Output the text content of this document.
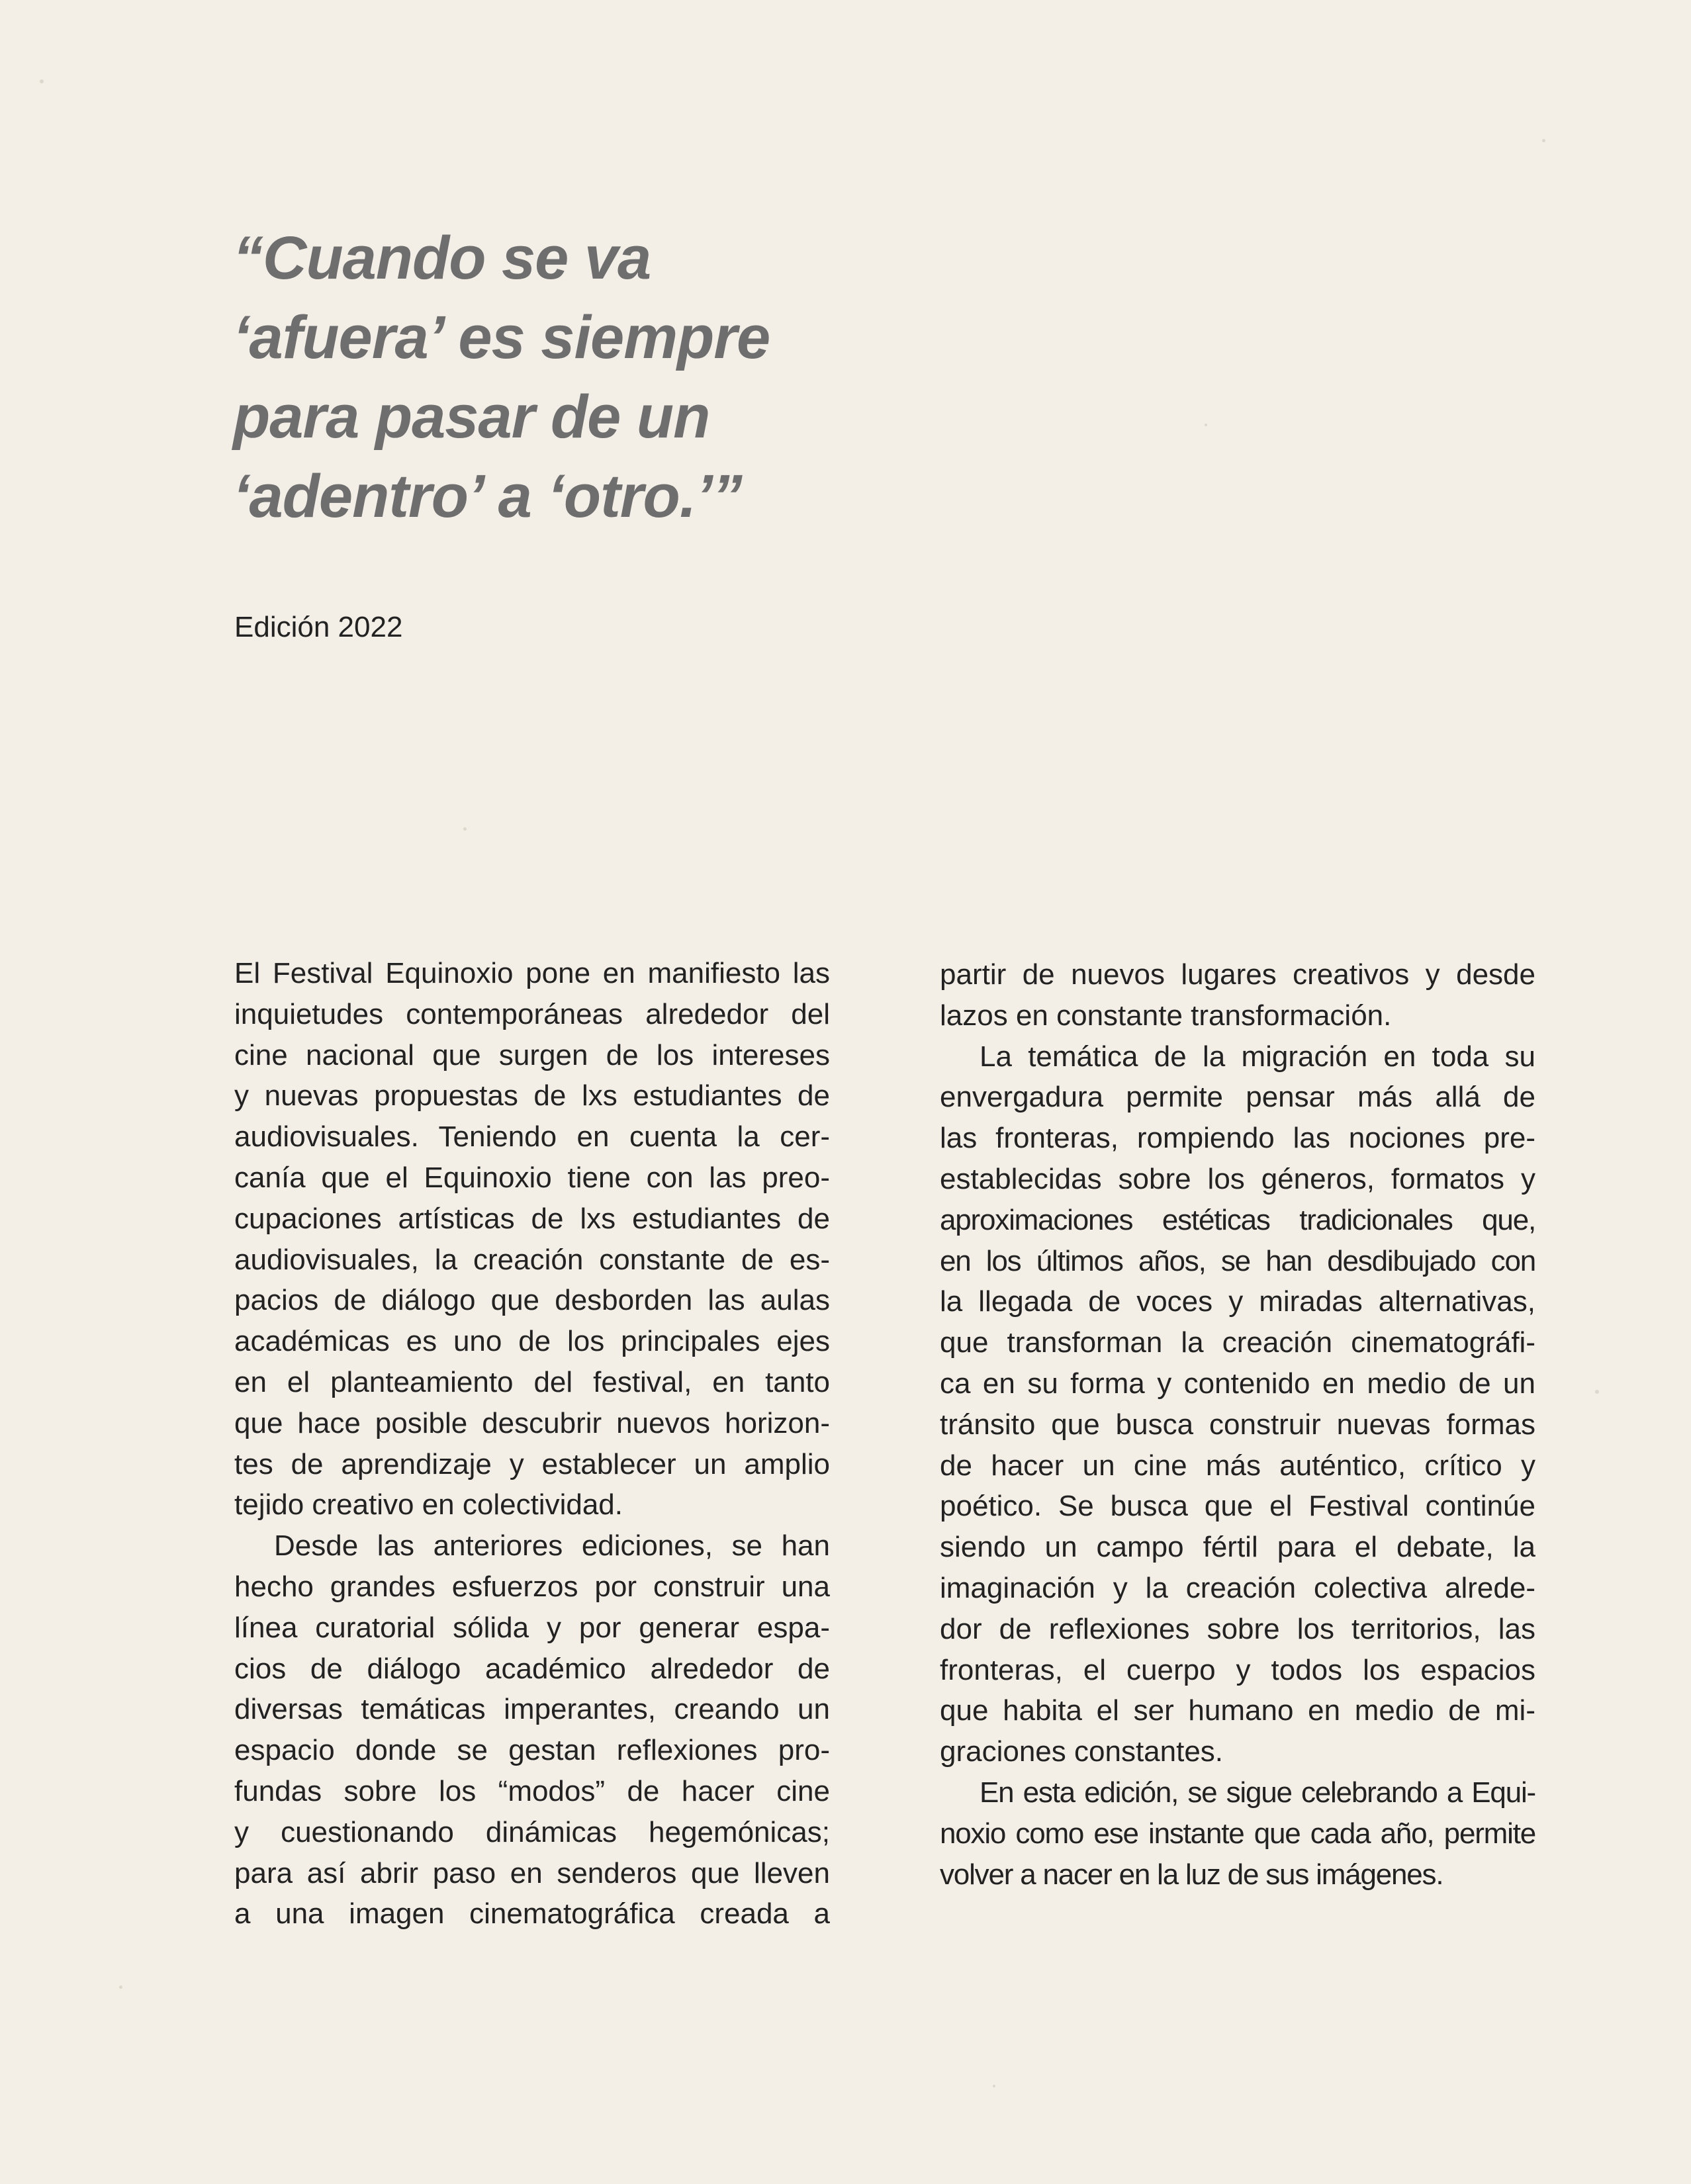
“Cuando se va
‘afuera’ es siempre
para pasar de un
‘adentro’ a ‘otro.’”

Edición 2022

El Festival Equinoxio pone en manifiesto las
inquietudes contemporáneas alrededor del
cine nacional que surgen de los intereses
y nuevas propuestas de lxs estudiantes de
audiovisuales. Teniendo en cuenta la cer-
canía que el Equinoxio tiene con las preo-
cupaciones artísticas de lxs estudiantes de
audiovisuales, la creación constante de es-
pacios de diálogo que desborden las aulas
académicas es uno de los principales ejes
en el planteamiento del festival, en tanto
que hace posible descubrir nuevos horizon-
tes de aprendizaje y establecer un amplio
tejido creativo en colectividad.
Desde las anteriores ediciones, se han
hecho grandes esfuerzos por construir una
línea curatorial sólida y por generar espa-
cios de diálogo académico alrededor de
diversas temáticas imperantes, creando un
espacio donde se gestan reflexiones pro-
fundas sobre los “modos” de hacer cine
y cuestionando dinámicas hegemónicas;
para así abrir paso en senderos que lleven
a una imagen cinematográfica creada a
partir de nuevos lugares creativos y desde
lazos en constante transformación.
La temática de la migración en toda su
envergadura permite pensar más allá de
las fronteras, rompiendo las nociones pre-
establecidas sobre los géneros, formatos y
aproximaciones estéticas tradicionales que,
en los últimos años, se han desdibujado con
la llegada de voces y miradas alternativas,
que transforman la creación cinematográfi-
ca en su forma y contenido en medio de un
tránsito que busca construir nuevas formas
de hacer un cine más auténtico, crítico y
poético. Se busca que el Festival continúe
siendo un campo fértil para el debate, la
imaginación y la creación colectiva alrede-
dor de reflexiones sobre los territorios, las
fronteras, el cuerpo y todos los espacios
que habita el ser humano en medio de mi-
graciones constantes.
En esta edición, se sigue celebrando a Equi-
noxio como ese instante que cada año, permite
volver a nacer en la luz de sus imágenes.
